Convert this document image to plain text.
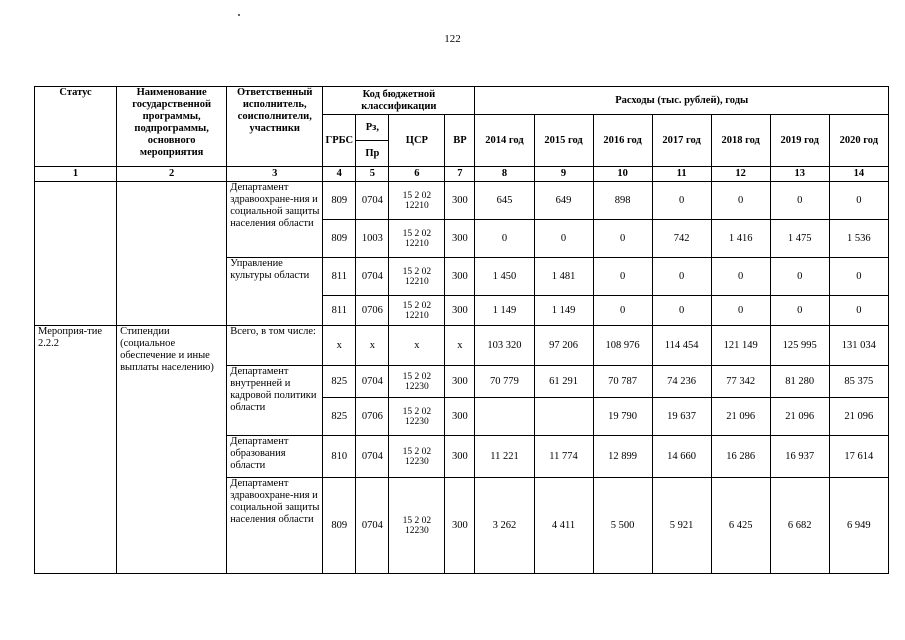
122
Статус	Наименование государственной программы, подпрограммы, основного мероприятия	Ответственный исполнитель, соисполнители, участники	Код бюджетной классификации				Расходы (тыс. рублей), годы						
			ГРБС	Рз,	ЦСР	ВР	2014 год	2015 год	2016 год	2017 год	2018 год	2019 год	2020 год
				Пр									
1	2	3	4	5	6	7	8	9	10	11	12	13	14
		Департамент здравоохране-ния и социальной защиты населения области	809	0704	15 2 02 12210	300	645	649	898	0	0	0	0
			809	1003	15 2 02 12210	300	0	0	0	742	1 416	1 475	1 536
		Управление культуры области	811	0704	15 2 02 12210	300	1 450	1 481	0	0	0	0	0
			811	0706	15 2 02 12210	300	1 149	1 149	0	0	0	0	0
Мероприя-тие 2.2.2	Стипендии (социальное обеспечение и иные выплаты населению)	Всего, в том числе:	х	х	х	х	103 320	97 206	108 976	114 454	121 149	125 995	131 034
		Департамент внутренней и кадровой политики области	825	0704	15 2 02 12230	300	70 779	61 291	70 787	74 236	77 342	81 280	85 375
			825	0706	15 2 02 12230	300			19 790	19 637	21 096	21 096	21 096
		Департамент образования области	810	0704	15 2 02 12230	300	11 221	11 774	12 899	14 660	16 286	16 937	17 614
		Департамент здравоохране-ния и социальной защиты населения области	809	0704	15 2 02 12230	300	3 262	4 411	5 500	5 921	6 425	6 682	6 949
